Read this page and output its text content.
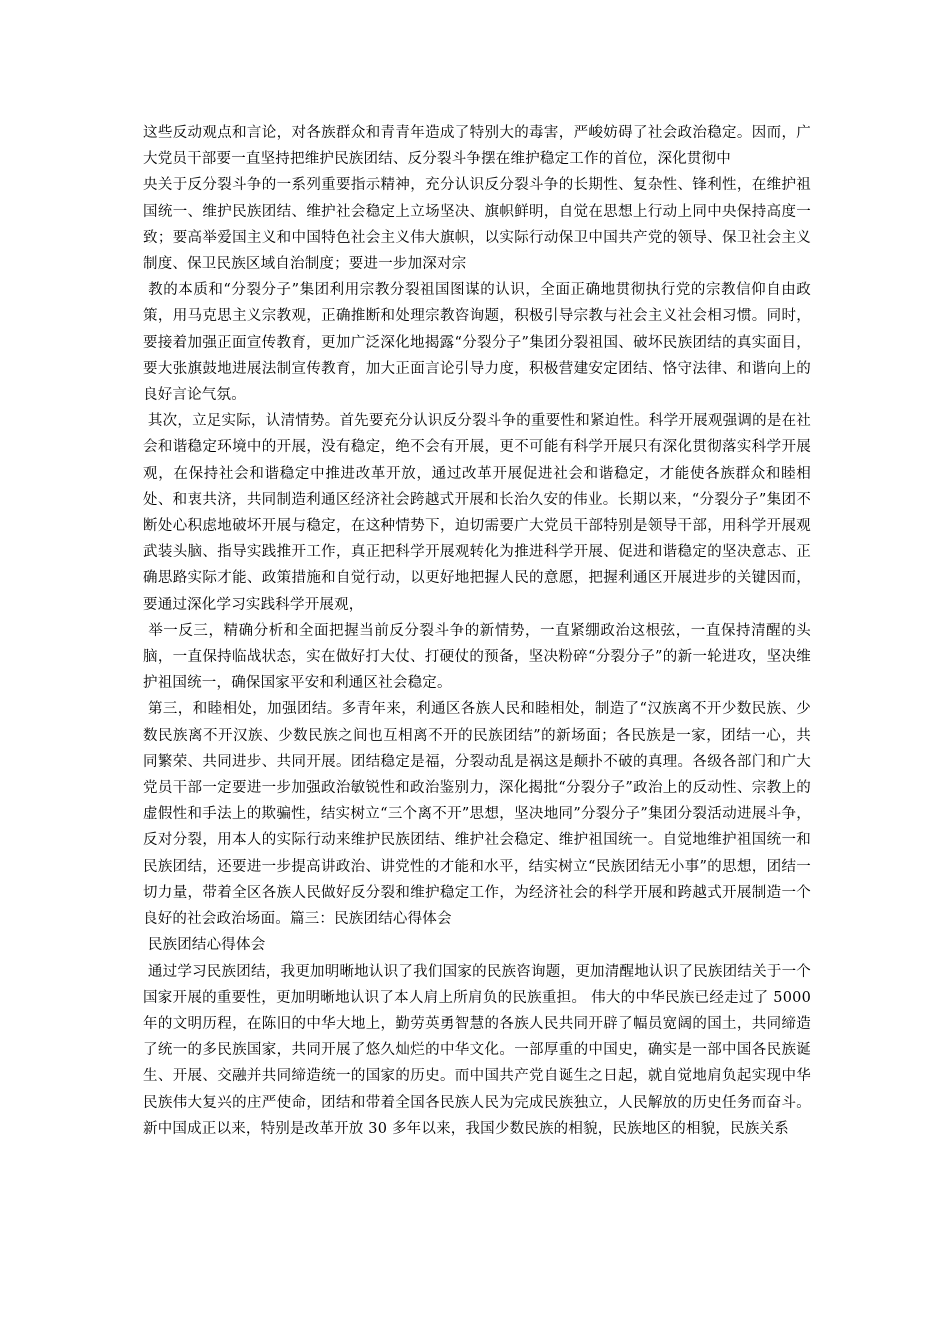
这些反动观点和言论，对各族群众和青青年造成了特别大的毒害，严峻妨碍了社会政治稳定。因而，广大党员干部要一直坚持把维护民族团结、反分裂斗争摆在维护稳定工作的首位，深化贯彻中

央关于反分裂斗争的一系列重要指示精神，充分认识反分裂斗争的长期性、复杂性、锋利性，在维护祖国统一、维护民族团结、维护社会稳定上立场坚决、旗帜鲜明，自觉在思想上行动上同中央保持高度一致；要高举爱国主义和中国特色社会主义伟大旗帜，以实际行动保卫中国共产党的领导、保卫社会主义制度、保卫民族区域自治制度；要进一步加深对宗

教的本质和“分裂分子”集团利用宗教分裂祖国图谋的认识，全面正确地贯彻执行党的宗教信仰自由政策，用马克思主义宗教观，正确推断和处理宗教咨询题，积极引导宗教与社会主义社会相习惯。同时，要接着加强正面宣传教育，更加广泛深化地揭露“分裂分子”集团分裂祖国、破坏民族团结的真实面目，要大张旗鼓地进展法制宣传教育，加大正面言论引导力度，积极营建安定团结、恪守法律、和谐向上的良好言论气氛。

其次，立足实际，认清情势。首先要充分认识反分裂斗争的重要性和紧迫性。科学开展观强调的是在社会和谐稳定环境中的开展，没有稳定，绝不会有开展，更不可能有科学开展只有深化贯彻落实科学开展观，在保持社会和谐稳定中推进改革开放，通过改革开展促进社会和谐稳定，才能使各族群众和睦相处、和衷共济，共同制造利通区经济社会跨越式开展和长治久安的伟业。长期以来，“分裂分子”集团不断处心积虑地破坏开展与稳定，在这种情势下，迫切需要广大党员干部特别是领导干部，用科学开展观武装头脑、指导实践推开工作，真正把科学开展观转化为推进科学开展、促进和谐稳定的坚决意志、正确思路实际才能、政策措施和自觉行动，以更好地把握人民的意愿，把握利通区开展进步的关键因而，要通过深化学习实践科学开展观，

举一反三，精确分析和全面把握当前反分裂斗争的新情势，一直紧绷政治这根弦，一直保持清醒的头脑，一直保持临战状态，实在做好打大仗、打硬仗的预备，坚决粉碎“分裂分子”的新一轮进攻，坚决维护祖国统一，确保国家平安和利通区社会稳定。

第三，和睦相处，加强团结。多青年来，利通区各族人民和睦相处，制造了“汉族离不开少数民族、少数民族离不开汉族、少数民族之间也互相离不开的民族团结”的新场面；各民族是一家，团结一心，共同繁荣、共同进步、共同开展。团结稳定是福，分裂动乱是祸这是颠扑不破的真理。各级各部门和广大党员干部一定要进一步加强政治敏锐性和政治鉴别力，深化揭批“分裂分子”政治上的反动性、宗教上的虚假性和手法上的欺骗性，结实树立“三个离不开”思想，坚决地同”分裂分子”集团分裂活动进展斗争，反对分裂，用本人的实际行动来维护民族团结、维护社会稳定、维护祖国统一。自觉地维护祖国统一和民族团结，还要进一步提高讲政治、讲党性的才能和水平，结实树立“民族团结无小事”的思想，团结一切力量，带着全区各族人民做好反分裂和维护稳定工作，为经济社会的科学开展和跨越式开展制造一个良好的社会政治场面。篇三：民族团结心得体会

民族团结心得体会

通过学习民族团结，我更加明晰地认识了我们国家的民族咨询题，更加清醒地认识了民族团结关于一个国家开展的重要性，更加明晰地认识了本人肩上所肩负的民族重担。 伟大的中华民族已经走过了 5000 年的文明历程，在陈旧的中华大地上，勤劳英勇智慧的各族人民共同开辟了幅员宽阔的国土，共同缔造了统一的多民族国家，共同开展了悠久灿烂的中华文化。一部厚重的中国史，确实是一部中国各民族诞生、开展、交融并共同缔造统一的国家的历史。而中国共产党自诞生之日起，就自觉地肩负起实现中华民族伟大复兴的庄严使命，团结和带着全国各民族人民为完成民族独立，人民解放的历史任务而奋斗。新中国成正以来，特别是改革开放 30 多年以来，我国少数民族的相貌，民族地区的相貌，民族关系
